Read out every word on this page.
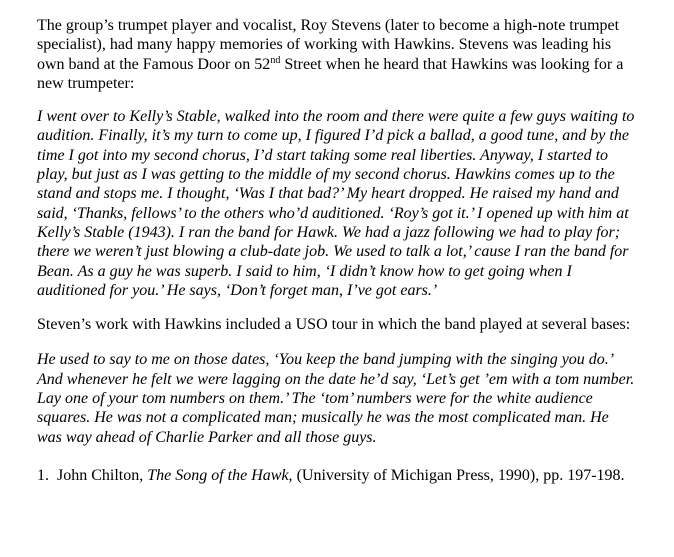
The group’s trumpet player and vocalist, Roy Stevens (later to become a high-note trumpet specialist), had many happy memories of working with Hawkins. Stevens was leading his own band at the Famous Door on 52nd Street when he heard that Hawkins was looking for a new trumpeter:

I went over to Kelly’s Stable, walked into the room and there were quite a few guys waiting to audition. Finally, it’s my turn to come up, I figured I’d pick a ballad, a good tune, and by the time I got into my second chorus, I’d start taking some real liberties. Anyway, I started to play, but just as I was getting to the middle of my second chorus. Hawkins comes up to the stand and stops me. I thought, ‘Was I that bad?’ My heart dropped. He raised my hand and said, ‘Thanks, fellows’ to the others who’d auditioned. ‘Roy’s got it.’ I opened up with him at Kelly’s Stable (1943). I ran the band for Hawk. We had a jazz following we had to play for; there we weren’t just blowing a club-date job. We used to talk a lot,’ cause I ran the band for Bean. As a guy he was superb. I said to him, ‘I didn’t know how to get going when I auditioned for you.’ He says, ‘Don’t forget man, I’ve got ears.’

Steven’s work with Hawkins included a USO tour in which the band played at several bases:

He used to say to me on those dates, ‘You keep the band jumping with the singing you do.’ And whenever he felt we were lagging on the date he’d say, ‘Let’s get ’em with a tom number. Lay one of your tom numbers on them.’ The ‘tom’ numbers were for the white audience squares. He was not a complicated man; musically he was the most complicated man. He was way ahead of Charlie Parker and all those guys.

1. John Chilton, The Song of the Hawk, (University of Michigan Press, 1990), pp. 197-198.
